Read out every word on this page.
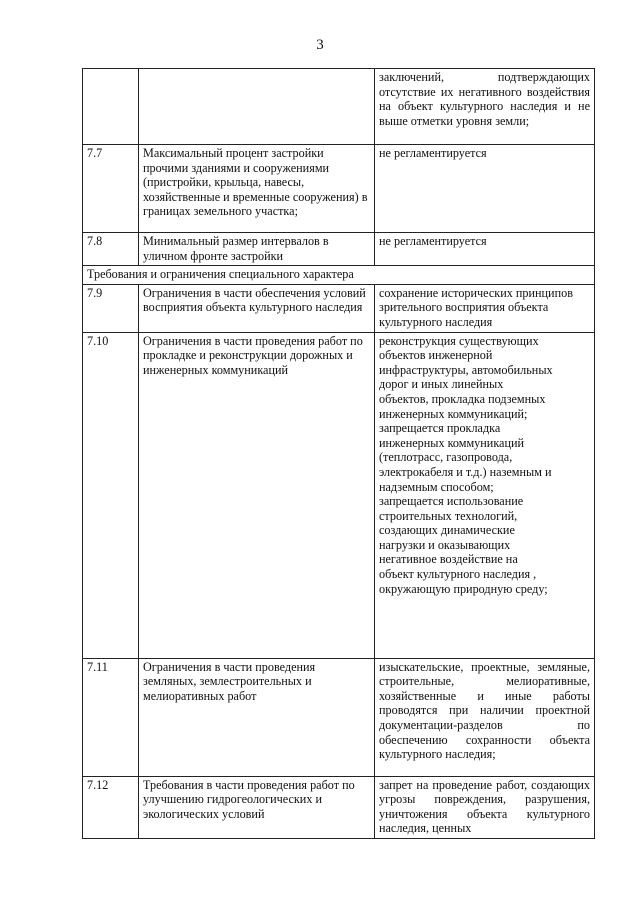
3
		заключений, подтверждающих отсутствие их негативного воздействия на объект культурного наследия и не выше отметки уровня земли;
7.7	Максимальный процент застройки прочими зданиями и сооружениями (пристройки, крыльца, навесы, хозяйственные и временные сооружения) в границах земельного участка;	не регламентируется
7.8	Минимальный размер интервалов в уличном фронте застройки	не регламентируется
Требования и ограничения специального характера		
7.9	Ограничения в части обеспечения условий восприятия объекта культурного наследия	сохранение исторических принципов зрительного восприятия объекта культурного наследия
7.10	Ограничения в части проведения работ по прокладке и реконструкции дорожных и инженерных коммуникаций	реконструкция существующих объектов инженерной инфраструктуры, автомобильных дорог и иных линейных объектов, прокладка подземных инженерных коммуникаций; запрещается прокладка инженерных коммуникаций (теплотрасс, газопровода, электрокабеля и т.д.) наземным и надземным способом; запрещается использование строительных технологий, создающих динамические нагрузки и оказывающих негативное воздействие на объект культурного наследия , окружающую природную среду;
7.11	Ограничения в части проведения земляных, землестроительных и мелиоративных работ	изыскательские, проектные, земляные, строительные, мелиоративные, хозяйственные и иные работы проводятся при наличии проектной документации-разделов по обеспечению сохранности объекта культурного наследия;
7.12	Требования в части проведения работ по улучшению гидрогеологических и экологических условий	запрет на проведение работ, создающих угрозы повреждения, разрушения, уничтожения объекта культурного наследия, ценных
